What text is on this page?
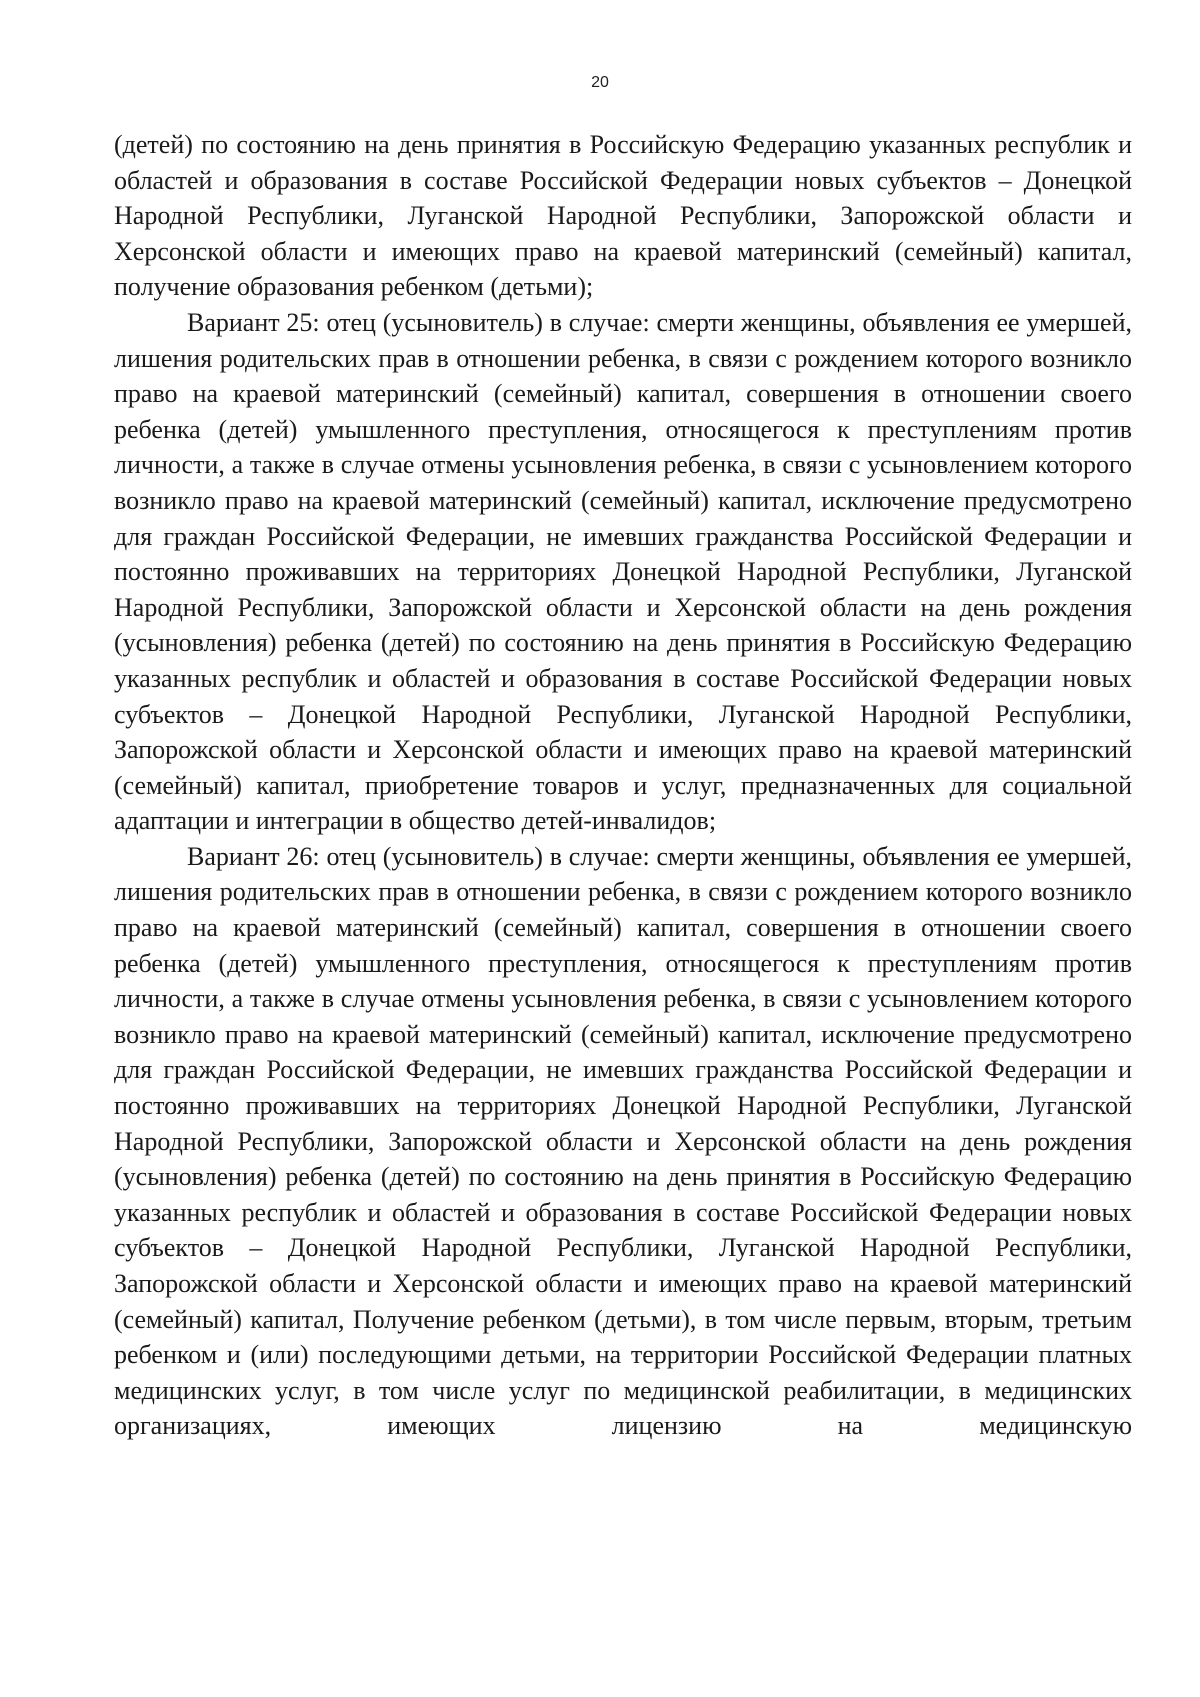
20

(детей) по состоянию на день принятия в Российскую Федерацию указанных республик и областей и образования в составе Российской Федерации новых субъектов – Донецкой Народной Республики, Луганской Народной Республики, Запорожской области и Херсонской области и имеющих право на краевой материнский (семейный) капитал, получение образования ребенком (детьми);

Вариант 25: отец (усыновитель) в случае: смерти женщины, объявления ее умершей, лишения родительских прав в отношении ребенка, в связи с рождением которого возникло право на краевой материнский (семейный) капитал, совершения в отношении своего ребенка (детей) умышленного преступления, относящегося к преступлениям против личности, а также в случае отмены усыновления ребенка, в связи с усыновлением которого возникло право на краевой материнский (семейный) капитал, исключение предусмотрено для граждан Российской Федерации, не имевших гражданства Российской Федерации и постоянно проживавших на территориях Донецкой Народной Республики, Луганской Народной Республики, Запорожской области и Херсонской области на день рождения (усыновления) ребенка (детей) по состоянию на день принятия в Российскую Федерацию указанных республик и областей и образования в составе Российской Федерации новых субъектов – Донецкой Народной Республики, Луганской Народной Республики, Запорожской области и Херсонской области и имеющих право на краевой материнский (семейный) капитал, приобретение товаров и услуг, предназначенных для социальной адаптации и интеграции в общество детей-инвалидов;

Вариант 26: отец (усыновитель) в случае: смерти женщины, объявления ее умершей, лишения родительских прав в отношении ребенка, в связи с рождением которого возникло право на краевой материнский (семейный) капитал, совершения в отношении своего ребенка (детей) умышленного преступления, относящегося к преступлениям против личности, а также в случае отмены усыновления ребенка, в связи с усыновлением которого возникло право на краевой материнский (семейный) капитал, исключение предусмотрено для граждан Российской Федерации, не имевших гражданства Российской Федерации и постоянно проживавших на территориях Донецкой Народной Республики, Луганской Народной Республики, Запорожской области и Херсонской области на день рождения (усыновления) ребенка (детей) по состоянию на день принятия в Российскую Федерацию указанных республик и областей и образования в составе Российской Федерации новых субъектов – Донецкой Народной Республики, Луганской Народной Республики, Запорожской области и Херсонской области и имеющих право на краевой материнский (семейный) капитал, Получение ребенком (детьми), в том числе первым, вторым, третьим ребенком и (или) последующими детьми, на территории Российской Федерации платных медицинских услуг, в том числе услуг по медицинской реабилитации, в медицинских организациях, имеющих лицензию на медицинскую
